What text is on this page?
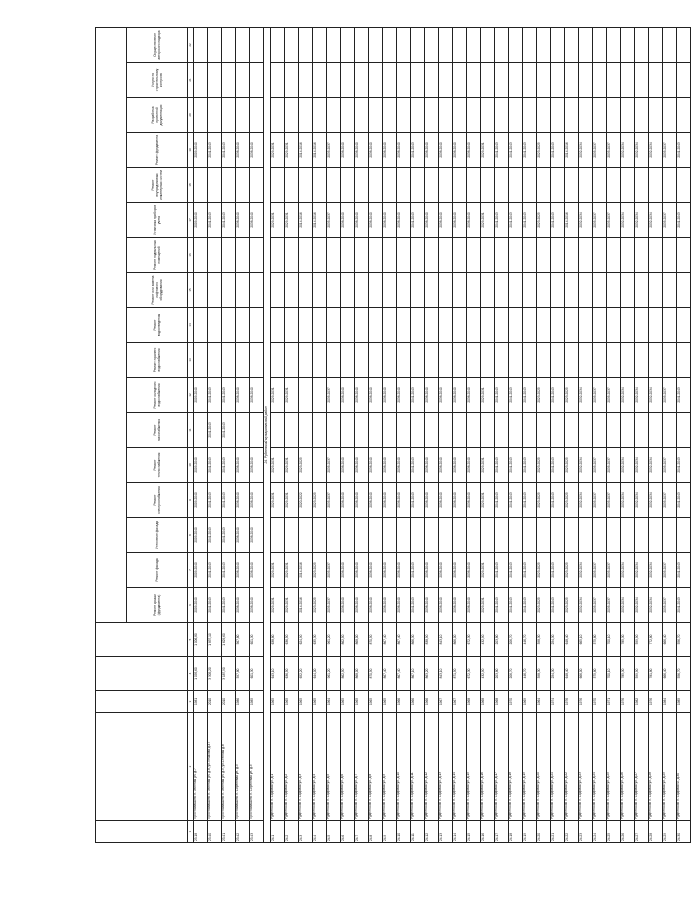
					Ремонт крыши (фундамента)	Ремонт фасада	Утепление фасада	Ремонт электроснабжения	Ремонт теплоснабжения	Ремонт газоснабжения	Ремонт холодного водоснабжения	Ремонт горячего водоснабжения	Ремонт водоотведения	Ремонт или замена лифтового оборудования	Ремонт подвальных помещений	Установка приборов учета	Ремонт внутридомовых инженерных систем	Ремонт фундамента	Разработка проектной документации	Услуги по строительному контролю	Осуществление авторского надзора
1	2	3	4	5	6	7	8	9	10	11	12	13	14	15	16	17	18	19	20	21	22
23.18	Простоквашино п. Зеленая ул. д.7	1981	1 095,60	1 006,80	2009-2040	2009-2040	2009-2040	2009-2040	2009-2040		2009-2040					2009-2040		2009-2040			
23.40	Простоквашино п. Зеленая ул. д.8, ул.Пешкова д.47	2010	3 305,20	1 837,10	2041-2043	2041-2043	2041-2043	2041-2043	2041-2043	2041-2043	2041-2043					2041-2043		2041-2043			
23.41	Простоквашино п. Зеленая ул. д.9, ул.Степная д.8	2010	3 187,90	1 629,60	2041-2043	2041-2043	2041-2043	2041-2043	2041-2043	2041-2043	2041-2043					2041-2043		2041-2043			
23.42	Простоквашино п. Сиреневая ул. д.3	1986	597,80	567,80	2038-2040	2038-2040	2038-2040	2038-2040	2038-2040		2038-2040					2038-2040		2038-2040			
23.43	Простоквашино п. Сиреневая ул. д.5	1985	601,30	601,30	2038-2040	2038-2040	2038-2040	2038-2040	2038-2040		2038-2040					2038-2040		2038-2040			
24. Рудненский муниципальный район																					
24.1	Рудненский п. Садовая ул. д.1	1965	643,10	638,80	2029-2031	2029-2031		2029-2031	2029-2031		2029-2031					2029-2031		2029-2031			
24.2	Рудненский п. Садовая ул. д.2	1965	636,50	636,50	2029-2031	2029-2031		2029-2031	2029-2031		2029-2031					2029-2031		2029-2031			
24.3	Рудненский п. Садовая ул. д.3	1965	652,20	624,90	2014-2016	2014-2016		2020-2022	2023-2025							2014-2016		2014-2016			
24.4	Рудненский п. Садовая ул. д.4	1965	644,00	635,30	2023-2025	2023-2025		2023-2025								2014-2016		2014-2016			
24.5	Рудненский п. Садовая ул. д.5	1964	961,20	961,20	2035-2037	2035-2037		2035-2037	2035-2037		2035-2037					2035-2037		2035-2037			
24.6	Рудненский п. Садовая ул. д.6	1965	862,50	862,50	2038-2040	2038-2040		2038-2040	2038-2040		2038-2040					2038-2040		2038-2040			
24.7	Рудненский п. Садовая ул. д.7	1965	868,00	868,00	2038-2040	2038-2040		2038-2040	2038-2040		2038-2040					2038-2040		2038-2040			
24.8	Рудненский п. Садовая ул. д.8	1965	870,50	870,50	2038-2040	2038-2040		2038-2040	2038-2040		2038-2040					2038-2040		2038-2040			
24.9	Рудненский п. Садовая ул. д.9	1965	867,40	867,40	2038-2040	2038-2040		2038-2040	2038-2040		2038-2040					2038-2040		2038-2040			
24.10	Рудненский п. Садовая ул. д.10	1966	867,40	867,40	2038-2040	2038-2040		2038-2040	2038-2040		2038-2040					2038-2040		2038-2040			
24.11	Рудненский п. Садовая ул. д.11	1966	867,10	866,30	2041-2043	2041-2043		2041-2043	2041-2043		2041-2043					2041-2043		2041-2043			
24.12	Рудненский п. Садовая ул. д.12	1966	863,20	838,90	2038-2040	2038-2040		2038-2040	2038-2040		2038-2040					2038-2040		2038-2040			
24.13	Рудненский п. Садовая ул. д.13	1967	843,10	843,10	2038-2040	2038-2040		2038-2040	2038-2040		2038-2040					2038-2040		2038-2040			
24.14	Рудненский п. Садовая ул. д.14	1967	871,50	866,00	2038-2040	2038-2040		2038-2040	2038-2040		2038-2040					2038-2040		2038-2040			
24.15	Рудненский п. Садовая ул. д.15	1968	672,30	672,30	2038-2040	2038-2040		2038-2040	2038-2040		2038-2040					2038-2040		2038-2040			
24.16	Рудненский п. Садовая ул. д.16	1968	432,90	432,90	2029-2031	2029-2031		2029-2031	2029-2031		2029-2031					2029-2031		2029-2031			
24.17	Рудненский п. Садовая ул. д.17	1968	203,80	203,80	2041-2043	2041-2043		2041-2043	2041-2043		2041-2043					2041-2043		2041-2043			
24.18	Рудненский п. Садовая ул. д.18	1970	206,70	206,70	2041-2043	2041-2043		2041-2043	2041-2043		2041-2043					2041-2043		2041-2043			
24.19	Рудненский п. Садовая ул. д.19	1969	446,70	446,70	2041-2043	2041-2043		2041-2043	2041-2043		2041-2043					2041-2043		2041-2043			
24.20	Рудненский п. Садовая ул. д.20	1964	398,30	398,30	2023-2025	2023-2025		2023-2025	2023-2025		2023-2025					2023-2025		2023-2025			
24.21	Рудненский п. Садовая ул. д.21	1974	254,30	254,30	2041-2043	2041-2043		2041-2043	2041-2043		2041-2043					2041-2043		2041-2043			
24.22	Рудненский п. Садовая ул. д.22	1976	648,40	648,40	2023-2025	2023-2025		2023-2025	2023-2025		2023-2025					2014-2016		2014-2016			
24.23	Рудненский п. Садовая ул. д.23	1976	666,00	665,10	2032-2034	2032-2034		2032-2034	2032-2034		2032-2034					2032-2034		2032-2034			
24.24	Рудненский п. Садовая ул. д.24	1970	375,80	375,80	2035-2037	2035-2037		2035-2037	2035-2037		2035-2037					2035-2037		2035-2037			
24.25	Рудненский п. Садовая ул. д.25	1971	700,10	700,10	2035-2037	2035-2037		2035-2037	2035-2037		2035-2037					2035-2037		2035-2037			
24.26	Рудненский п. Садовая ул. д.26	1976	785,30	785,30	2032-2034	2032-2034		2032-2034	2032-2034		2032-2034					2032-2034		2032-2034			
24.27	Рудненский п. Садовая ул. д.27	1982	599,90	599,90	2032-2034	2032-2034		2032-2034	2032-2034		2032-2034					2032-2034		2032-2034			
24.28	Рудненский п. Садовая ул. д.28	1976	781,80	772,80	2032-2034	2032-2034		2032-2034	2032-2034		2032-2034					2032-2034		2032-2034			
24.29	Рудненский п. Садовая ул. д.29	1984	666,40	666,40	2035-2037	2035-2037		2035-2037	2035-2037		2035-2037					2035-2037		2035-2037			
24.30	Рудненский п. Садовая ul. д.30	1985	556,70	556,70	2041-2043	2041-2043		2041-2043	2041-2043		2041-2043					2041-2043		2041-2043			
